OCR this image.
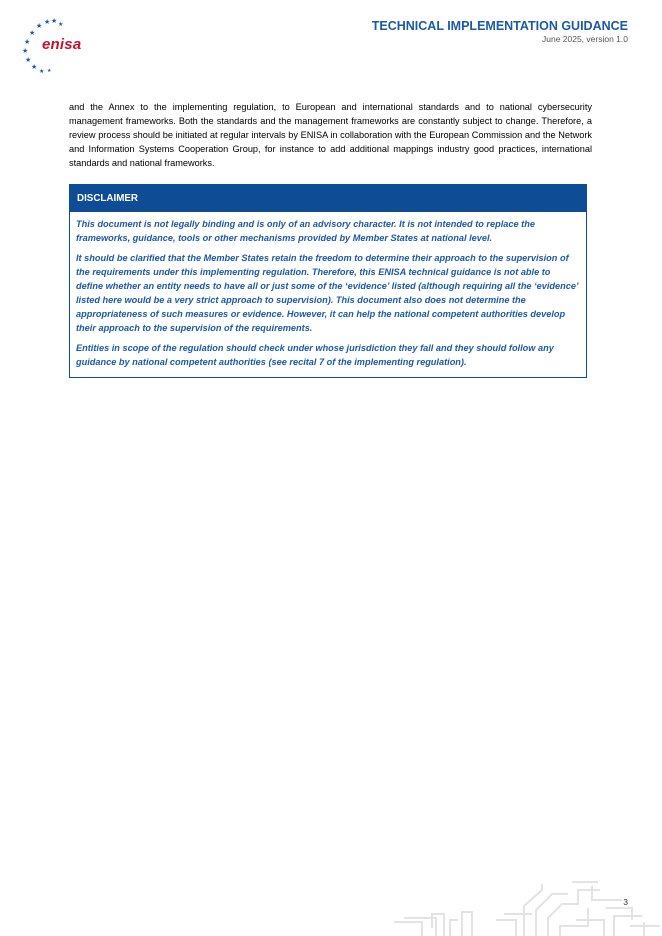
★ ★ ★
★
★
★
★
★
★
★ ★
enisa
TECHNICAL IMPLEMENTATION GUIDANCE
June 2025, version 1.0

and the Annex to the implementing regulation, to European and international standards and to national cybersecurity management frameworks. Both the standards and the management frameworks are constantly subject to change. Therefore, a review process should be initiated at regular intervals by ENISA in collaboration with the European Commission and the Network and Information Systems Cooperation Group, for instance to add additional mappings industry good practices, international standards and national frameworks.

DISCLAIMER

This document is not legally binding and is only of an advisory character. It is not intended to replace the frameworks, guidance, tools or other mechanisms provided by Member States at national level.

It should be clarified that the Member States retain the freedom to determine their approach to the supervision of the requirements under this implementing regulation. Therefore, this ENISA technical guidance is not able to define whether an entity needs to have all or just some of the ‘evidence’ listed (although requiring all the ‘evidence’ listed here would be a very strict approach to supervision). This document also does not determine the appropriateness of such measures or evidence. However, it can help the national competent authorities develop their approach to the supervision of the requirements.

Entities in scope of the regulation should check under whose jurisdiction they fall and they should follow any guidance by national competent authorities (see recital 7 of the implementing regulation).

3
